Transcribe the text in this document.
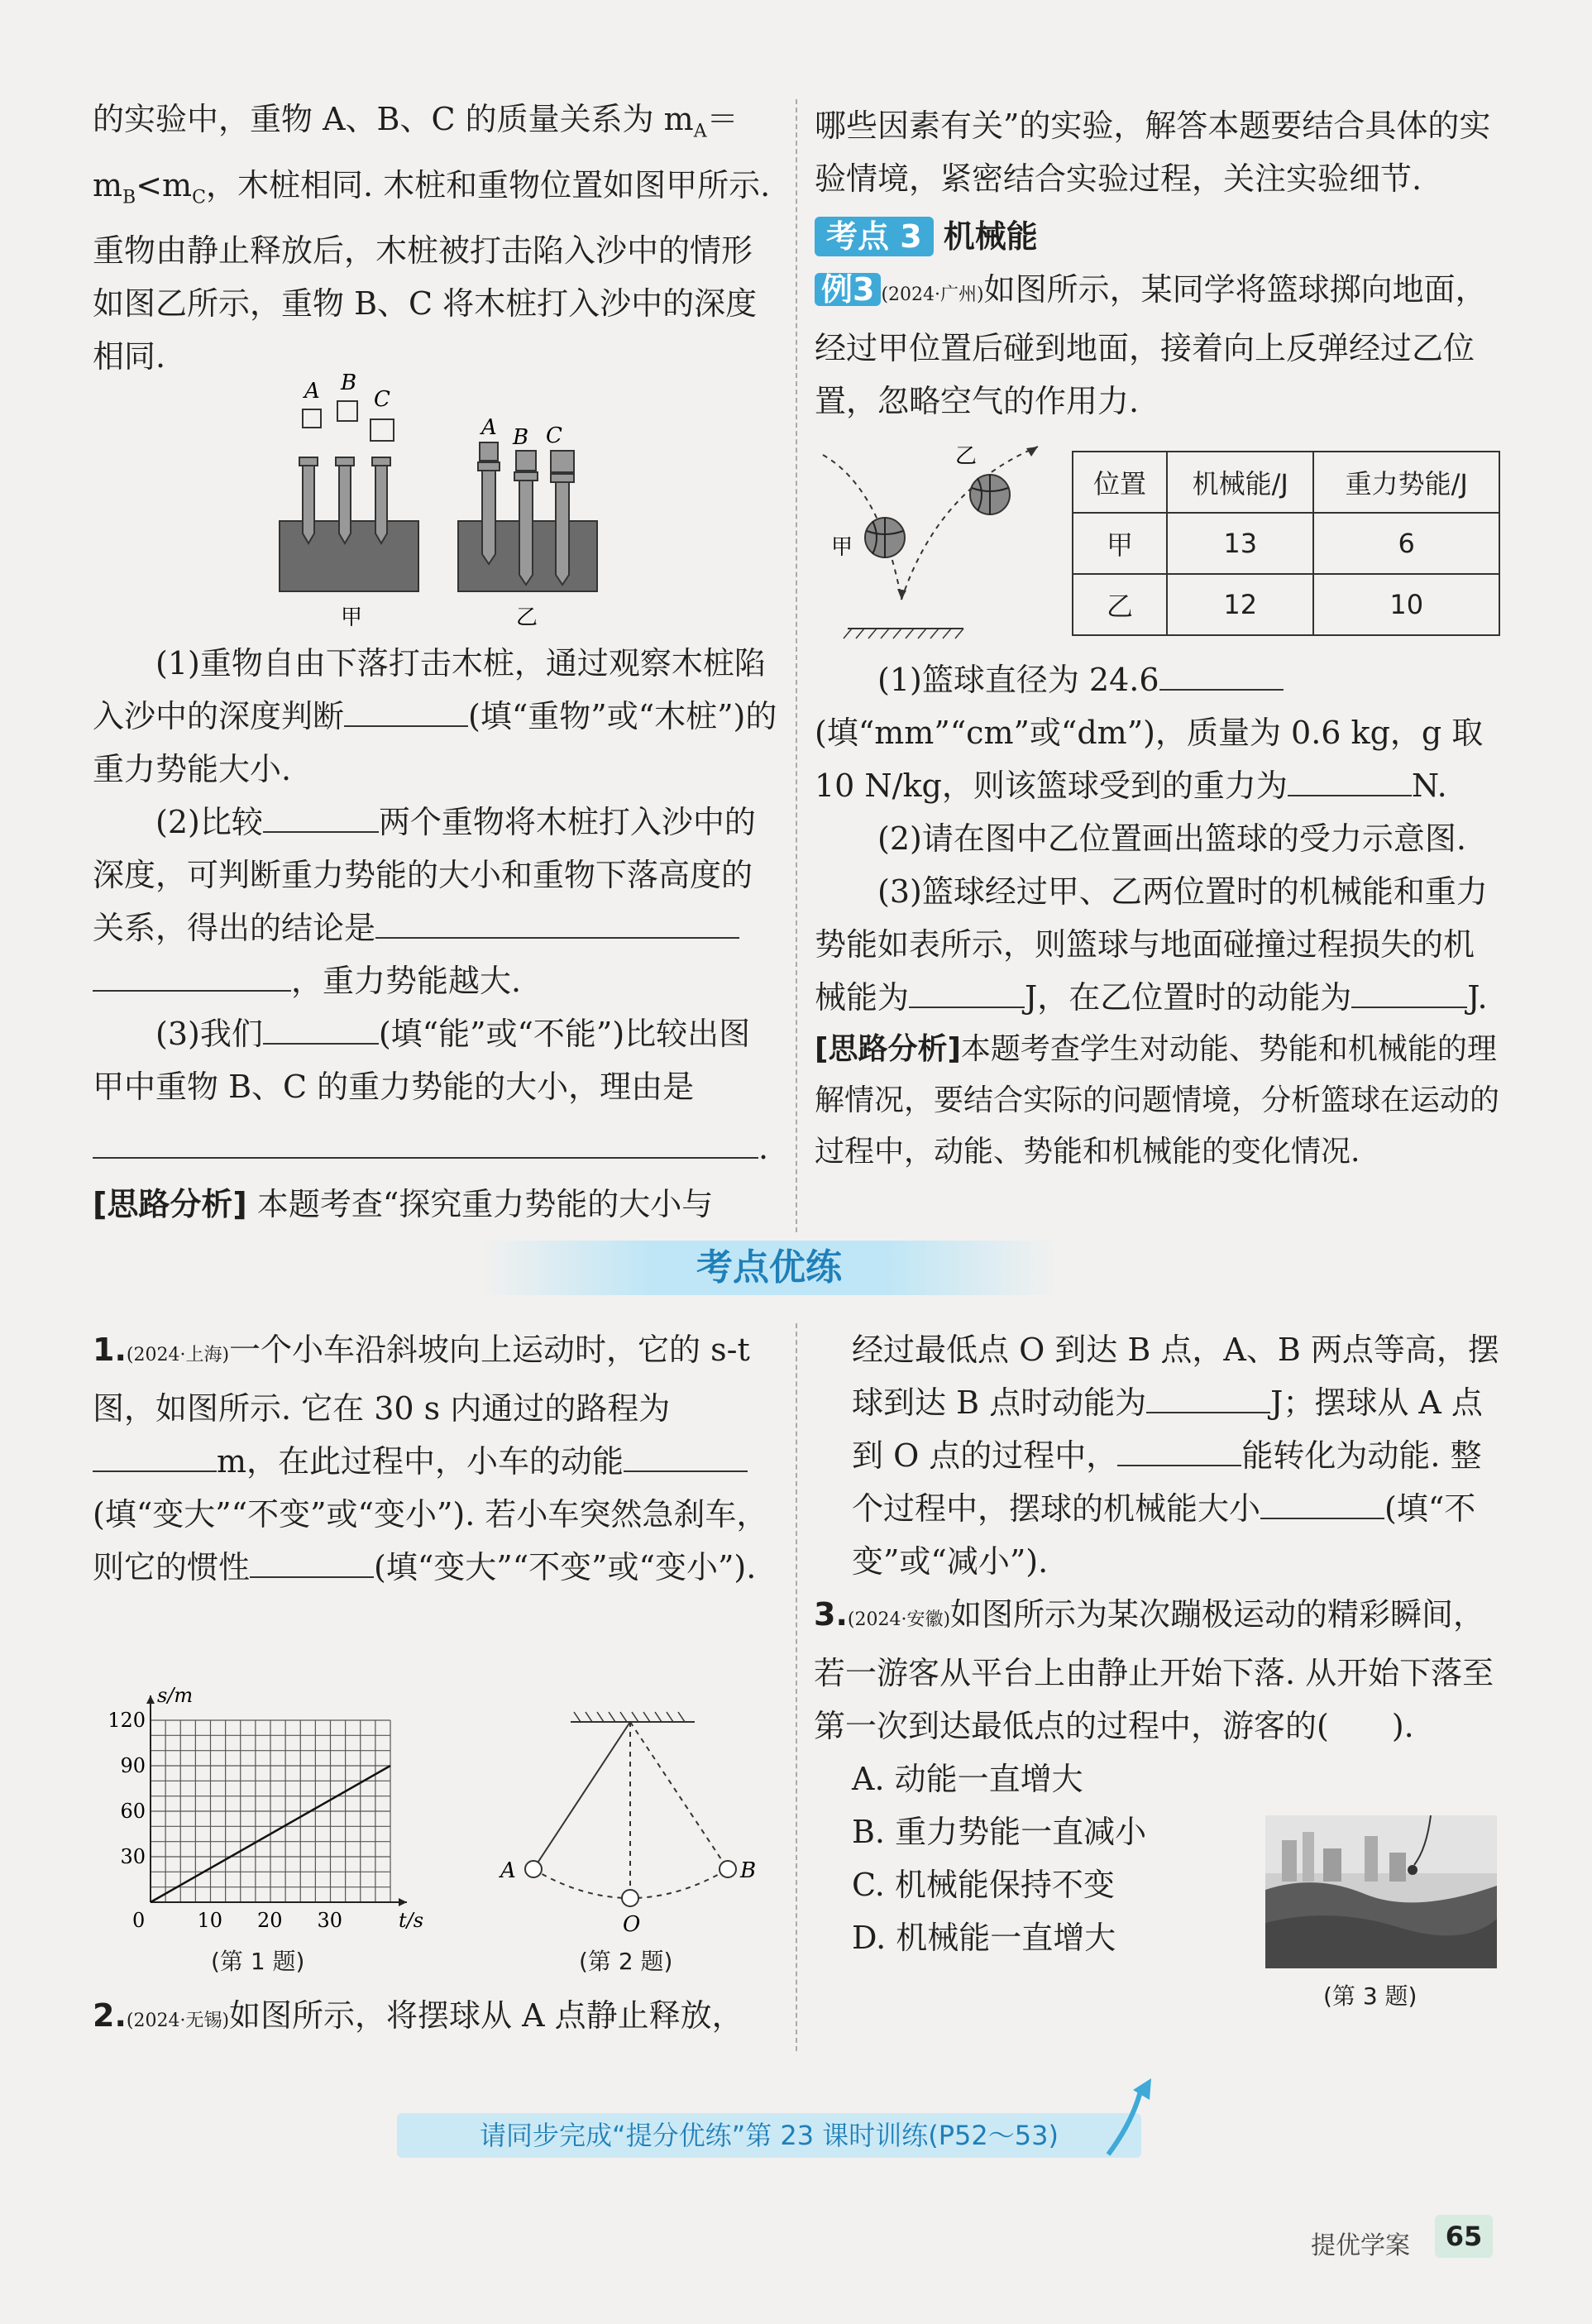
的实验中，重物 A、B、C 的质量关系为 $m_A=m_B<m_C$，木桩相同. 木桩和重物位置如图甲所示. 重物由静止释放后，木桩被打击陷入沙中的情形如图乙所示，重物 B、C 将木桩打入沙中的深度相同.

A B
C
甲
A B C
乙

(1)重物自由下落打击木桩，通过观察木桩陷入沙中的深度判断	(填“重物”或“木桩”)的重力势能大小.

(2)比较	两个重物将木桩打入沙中的深度，可判断重力势能的大小和重物下落高度的关系，得出的结论是，重力势能越大.

(3)我们	(填“能”或“不能”)比较出图甲中重物 B、C 的重力势能的大小，理由是

.

[思路分析] 本题考查“探究重力势能的大小与

哪些因素有关”的实验，解答本题要结合具体的实验情境，紧密结合实验过程，关注实验细节.

考点 3 机械能

例3 (2024·广州)如图所示，某同学将篮球掷向地面，经过甲位置后碰到地面，接着向上反弹经过乙位置，忽略空气的作用力.

甲
乙
位置	机械能/J	重力势能/J
甲	13	6
乙	12	10

(1)篮球直径为 24.6(填“mm”“cm”或“dm”)，质量为 0.6 kg，g 取 10 N/kg，则该篮球受到的重力为	N.

(2)请在图中乙位置画出篮球的受力示意图.

(3)篮球经过甲、乙两位置时的机械能和重力势能如表所示，则篮球与地面碰撞过程损失的机械能为	J，在乙位置时的动能为	J.

[思路分析]本题考查学生对动能、势能和机械能的理解情况，要结合实际的问题情境，分析篮球在运动的过程中，动能、势能和机械能的变化情况.

考点优练

1.(2024·上海)一个小车沿斜坡向上运动时，它的 s-t 图，如图所示. 它在 30 s 内通过的路程为m，在此过程中，小车的动能(填“变大”“不变”或“变小”). 若小车突然急刹车，则它的惯性	(填“变大”“不变”或“变小”).

0	10 20 30
30
60
90
120
t/s
s/m
(第 1 题)
A	B
O
(第 2 题)

2.(2024·无锡)如图所示，将摆球从 A 点静止释放，

经过最低点 O 到达 B 点，A、B 两点等高，摆球到达 B 点时动能为	J；摆球从 A 点到 O 点的过程中，	能转化为动能. 整个过程中，摆球的机械能大小	(填“不变”或“减小”).

3.(2024·安徽)如图所示为某次蹦极运动的精彩瞬间，若一游客从平台上由静止开始下落. 从开始下落至第一次到达最低点的过程中，游客的(　　).

A. 动能一直增大

B. 重力势能一直减小

C. 机械能保持不变

D. 机械能一直增大

(第 3 题)
请同步完成“提分优练”第 23 课时训练(P52～53)
提优学案	65
